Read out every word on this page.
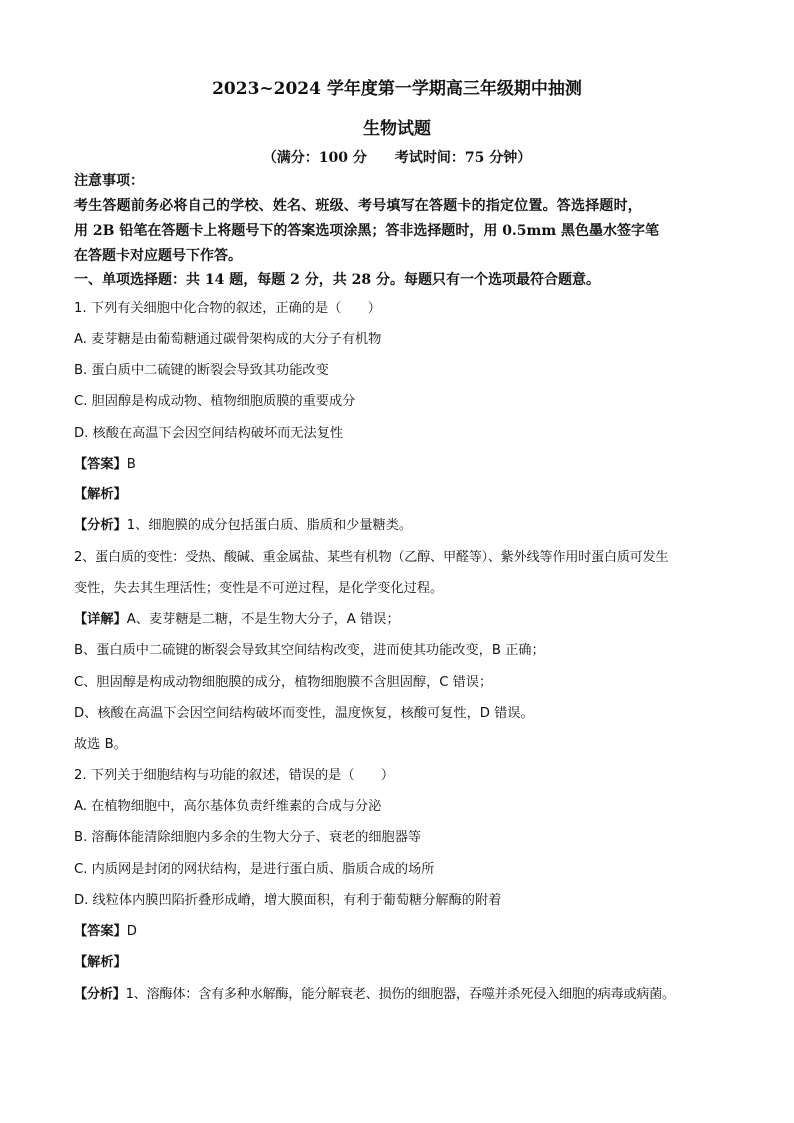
2023~2024 学年度第一学期高三年级期中抽测
生物试题
（满分：100 分　　考试时间：75 分钟）
注意事项：
考生答题前务必将自己的学校、姓名、班级、考号填写在答题卡的指定位置。答选择题时，
用 2B 铅笔在答题卡上将题号下的答案选项涂黑；答非选择题时，用 0.5mm 黑色墨水签字笔
在答题卡对应题号下作答。
一、单项选择题：共 14 题，每题 2 分，共 28 分。每题只有一个选项最符合题意。
1. 下列有关细胞中化合物的叙述，正确的是（　　）
A. 麦芽糖是由葡萄糖通过碳骨架构成的大分子有机物
B. 蛋白质中二硫键的断裂会导致其功能改变
C. 胆固醇是构成动物、植物细胞质膜的重要成分
D. 核酸在高温下会因空间结构破坏而无法复性
【答案】B
【解析】
【分析】1、细胞膜的成分包括蛋白质、脂质和少量糖类。
2、蛋白质的变性：受热、酸碱、重金属盐、某些有机物（乙醇、甲醛等）、紫外线等作用时蛋白质可发生
变性，失去其生理活性；变性是不可逆过程，是化学变化过程。
【详解】A、麦芽糖是二糖，不是生物大分子，A 错误；
B、蛋白质中二硫键的断裂会导致其空间结构改变，进而使其功能改变，B 正确；
C、胆固醇是构成动物细胞膜的成分，植物细胞膜不含胆固醇，C 错误；
D、核酸在高温下会因空间结构破坏而变性，温度恢复，核酸可复性，D 错误。
故选 B。
2. 下列关于细胞结构与功能的叙述，错误的是（　　）
A. 在植物细胞中，高尔基体负责纤维素的合成与分泌
B. 溶酶体能清除细胞内多余的生物大分子、衰老的细胞器等
C. 内质网是封闭的网状结构，是进行蛋白质、脂质合成的场所
D. 线粒体内膜凹陷折叠形成嵴，增大膜面积，有利于葡萄糖分解酶的附着
【答案】D
【解析】
【分析】1、溶酶体：含有多种水解酶，能分解衰老、损伤的细胞器，吞噬并杀死侵入细胞的病毒或病菌。
